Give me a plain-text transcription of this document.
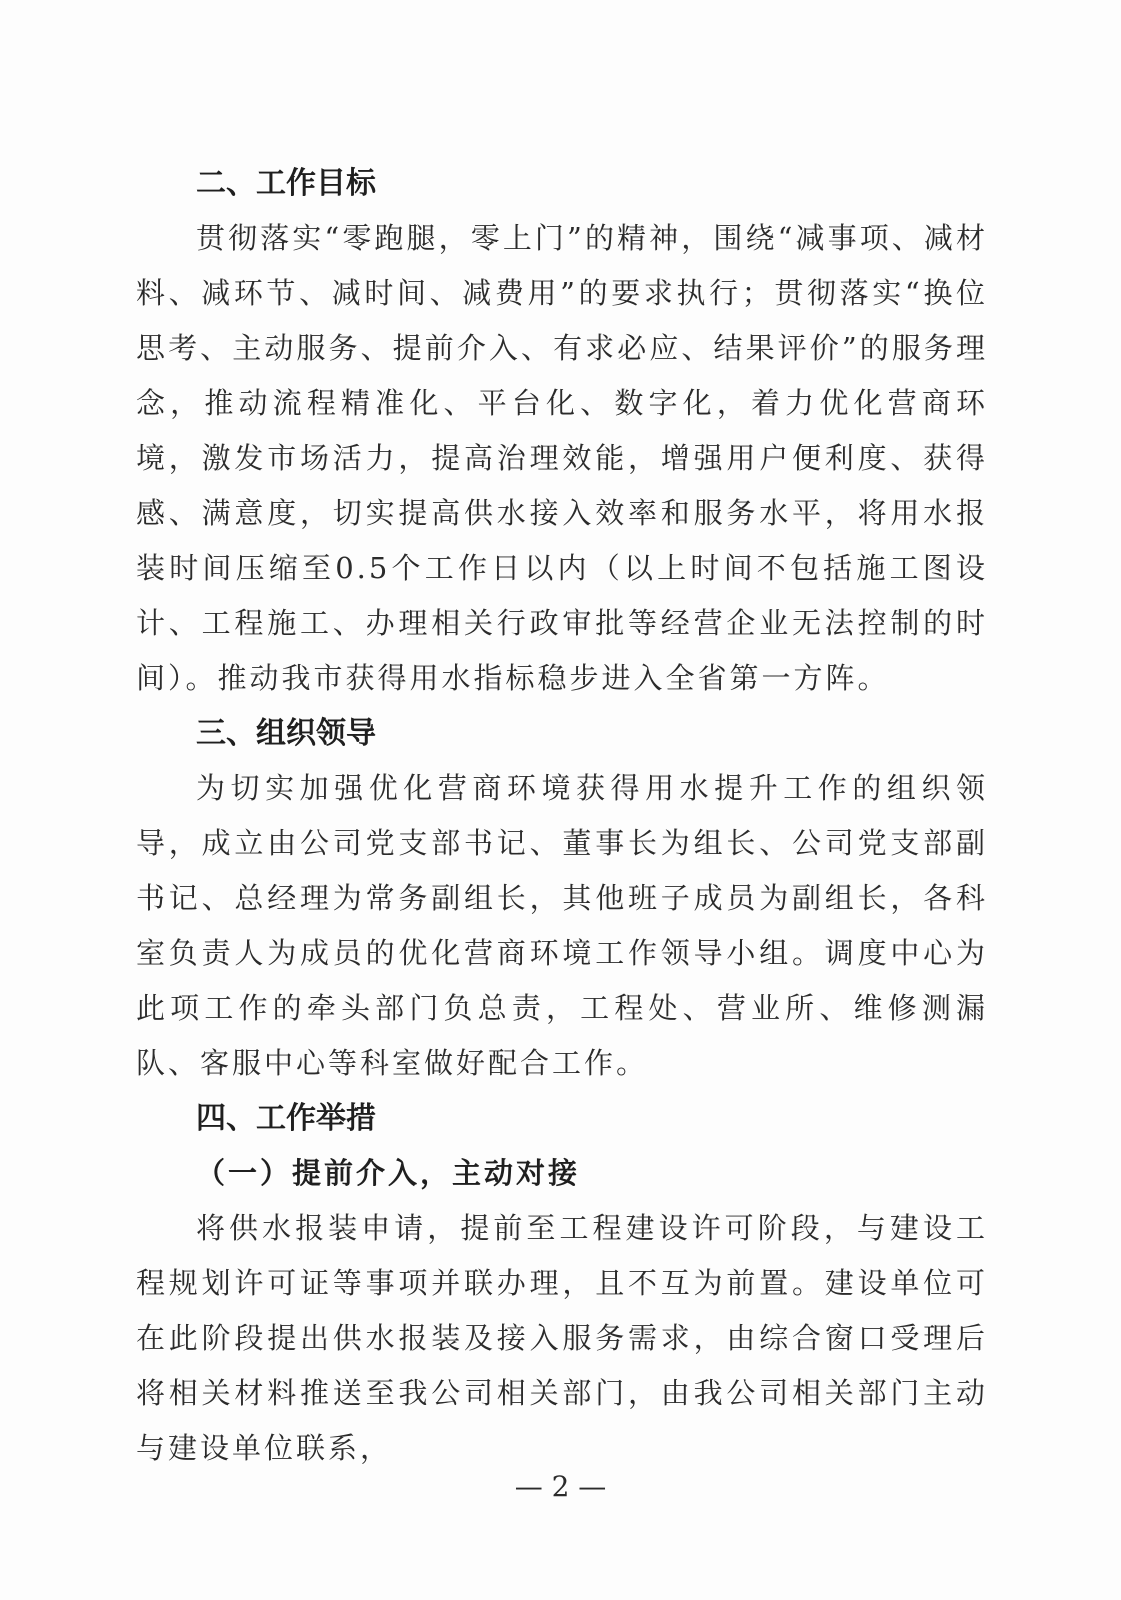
二、工作目标

贯彻落实“零跑腿，零上门”的精神，围绕“减事项、减材料、减环节、减时间、减费用”的要求执行；贯彻落实“换位思考、主动服务、提前介入、有求必应、结果评价”的服务理念，推动流程精准化、平台化、数字化，着力优化营商环境，激发市场活力，提高治理效能，增强用户便利度、获得感、满意度，切实提高供水接入效率和服务水平，将用水报装时间压缩至0.5个工作日以内（以上时间不包括施工图设计、工程施工、办理相关行政审批等经营企业无法控制的时间）。推动我市获得用水指标稳步进入全省第一方阵。

三、组织领导

为切实加强优化营商环境获得用水提升工作的组织领导，成立由公司党支部书记、董事长为组长、公司党支部副书记、总经理为常务副组长，其他班子成员为副组长，各科室负责人为成员的优化营商环境工作领导小组。调度中心为此项工作的牵头部门负总责，工程处、营业所、维修测漏队、客服中心等科室做好配合工作。

四、工作举措
（一）提前介入，主动对接

将供水报装申请，提前至工程建设许可阶段，与建设工程规划许可证等事项并联办理，且不互为前置。建设单位可在此阶段提出供水报装及接入服务需求，由综合窗口受理后将相关材料推送至我公司相关部门，由我公司相关部门主动与建设单位联系，

— 2 —
